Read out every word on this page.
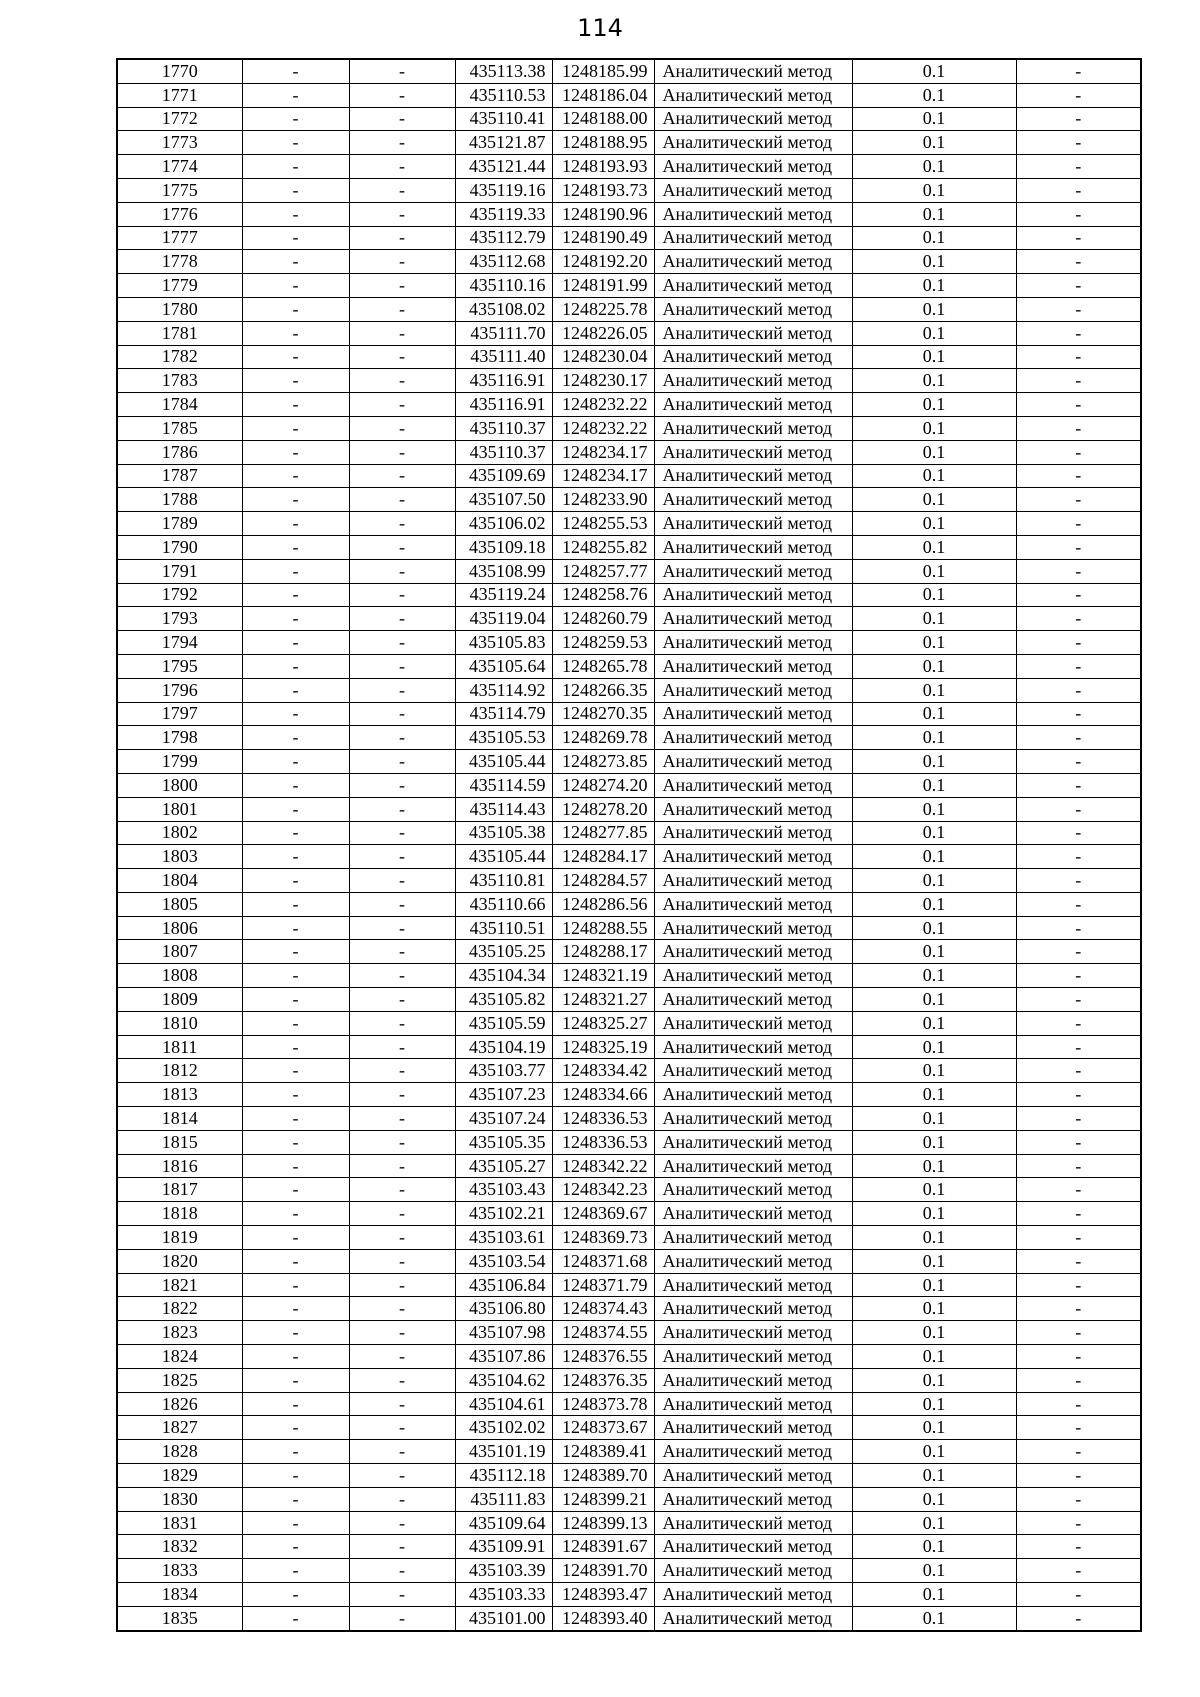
114
1770	-	-	435113.38	1248185.99	Аналитический метод	0.1	-
1771	-	-	435110.53	1248186.04	Аналитический метод	0.1	-
1772	-	-	435110.41	1248188.00	Аналитический метод	0.1	-
1773	-	-	435121.87	1248188.95	Аналитический метод	0.1	-
1774	-	-	435121.44	1248193.93	Аналитический метод	0.1	-
1775	-	-	435119.16	1248193.73	Аналитический метод	0.1	-
1776	-	-	435119.33	1248190.96	Аналитический метод	0.1	-
1777	-	-	435112.79	1248190.49	Аналитический метод	0.1	-
1778	-	-	435112.68	1248192.20	Аналитический метод	0.1	-
1779	-	-	435110.16	1248191.99	Аналитический метод	0.1	-
1780	-	-	435108.02	1248225.78	Аналитический метод	0.1	-
1781	-	-	435111.70	1248226.05	Аналитический метод	0.1	-
1782	-	-	435111.40	1248230.04	Аналитический метод	0.1	-
1783	-	-	435116.91	1248230.17	Аналитический метод	0.1	-
1784	-	-	435116.91	1248232.22	Аналитический метод	0.1	-
1785	-	-	435110.37	1248232.22	Аналитический метод	0.1	-
1786	-	-	435110.37	1248234.17	Аналитический метод	0.1	-
1787	-	-	435109.69	1248234.17	Аналитический метод	0.1	-
1788	-	-	435107.50	1248233.90	Аналитический метод	0.1	-
1789	-	-	435106.02	1248255.53	Аналитический метод	0.1	-
1790	-	-	435109.18	1248255.82	Аналитический метод	0.1	-
1791	-	-	435108.99	1248257.77	Аналитический метод	0.1	-
1792	-	-	435119.24	1248258.76	Аналитический метод	0.1	-
1793	-	-	435119.04	1248260.79	Аналитический метод	0.1	-
1794	-	-	435105.83	1248259.53	Аналитический метод	0.1	-
1795	-	-	435105.64	1248265.78	Аналитический метод	0.1	-
1796	-	-	435114.92	1248266.35	Аналитический метод	0.1	-
1797	-	-	435114.79	1248270.35	Аналитический метод	0.1	-
1798	-	-	435105.53	1248269.78	Аналитический метод	0.1	-
1799	-	-	435105.44	1248273.85	Аналитический метод	0.1	-
1800	-	-	435114.59	1248274.20	Аналитический метод	0.1	-
1801	-	-	435114.43	1248278.20	Аналитический метод	0.1	-
1802	-	-	435105.38	1248277.85	Аналитический метод	0.1	-
1803	-	-	435105.44	1248284.17	Аналитический метод	0.1	-
1804	-	-	435110.81	1248284.57	Аналитический метод	0.1	-
1805	-	-	435110.66	1248286.56	Аналитический метод	0.1	-
1806	-	-	435110.51	1248288.55	Аналитический метод	0.1	-
1807	-	-	435105.25	1248288.17	Аналитический метод	0.1	-
1808	-	-	435104.34	1248321.19	Аналитический метод	0.1	-
1809	-	-	435105.82	1248321.27	Аналитический метод	0.1	-
1810	-	-	435105.59	1248325.27	Аналитический метод	0.1	-
1811	-	-	435104.19	1248325.19	Аналитический метод	0.1	-
1812	-	-	435103.77	1248334.42	Аналитический метод	0.1	-
1813	-	-	435107.23	1248334.66	Аналитический метод	0.1	-
1814	-	-	435107.24	1248336.53	Аналитический метод	0.1	-
1815	-	-	435105.35	1248336.53	Аналитический метод	0.1	-
1816	-	-	435105.27	1248342.22	Аналитический метод	0.1	-
1817	-	-	435103.43	1248342.23	Аналитический метод	0.1	-
1818	-	-	435102.21	1248369.67	Аналитический метод	0.1	-
1819	-	-	435103.61	1248369.73	Аналитический метод	0.1	-
1820	-	-	435103.54	1248371.68	Аналитический метод	0.1	-
1821	-	-	435106.84	1248371.79	Аналитический метод	0.1	-
1822	-	-	435106.80	1248374.43	Аналитический метод	0.1	-
1823	-	-	435107.98	1248374.55	Аналитический метод	0.1	-
1824	-	-	435107.86	1248376.55	Аналитический метод	0.1	-
1825	-	-	435104.62	1248376.35	Аналитический метод	0.1	-
1826	-	-	435104.61	1248373.78	Аналитический метод	0.1	-
1827	-	-	435102.02	1248373.67	Аналитический метод	0.1	-
1828	-	-	435101.19	1248389.41	Аналитический метод	0.1	-
1829	-	-	435112.18	1248389.70	Аналитический метод	0.1	-
1830	-	-	435111.83	1248399.21	Аналитический метод	0.1	-
1831	-	-	435109.64	1248399.13	Аналитический метод	0.1	-
1832	-	-	435109.91	1248391.67	Аналитический метод	0.1	-
1833	-	-	435103.39	1248391.70	Аналитический метод	0.1	-
1834	-	-	435103.33	1248393.47	Аналитический метод	0.1	-
1835	-	-	435101.00	1248393.40	Аналитический метод	0.1	-
